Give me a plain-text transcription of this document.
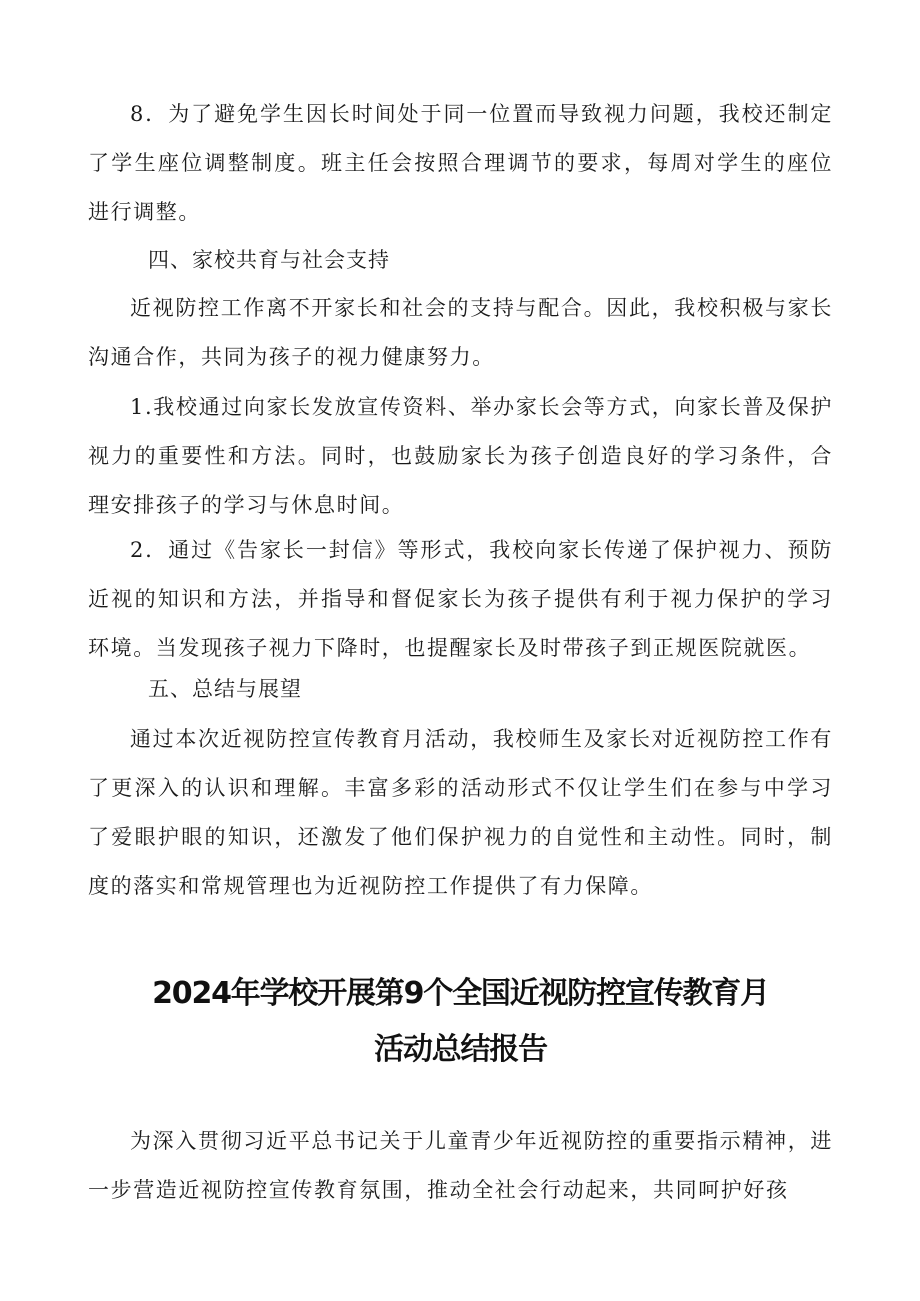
8．为了避免学生因长时间处于同一位置而导致视力问题，我校还制定了学生座位调整制度。班主任会按照合理调节的要求，每周对学生的座位进行调整。

四、家校共育与社会支持

近视防控工作离不开家长和社会的支持与配合。因此，我校积极与家长沟通合作，共同为孩子的视力健康努力。

1.我校通过向家长发放宣传资料、举办家长会等方式，向家长普及保护视力的重要性和方法。同时，也鼓励家长为孩子创造良好的学习条件，合理安排孩子的学习与休息时间。

2．通过《告家长一封信》等形式，我校向家长传递了保护视力、预防近视的知识和方法，并指导和督促家长为孩子提供有利于视力保护的学习环境。当发现孩子视力下降时，也提醒家长及时带孩子到正规医院就医。

五、总结与展望

通过本次近视防控宣传教育月活动，我校师生及家长对近视防控工作有了更深入的认识和理解。丰富多彩的活动形式不仅让学生们在参与中学习了爱眼护眼的知识，还激发了他们保护视力的自觉性和主动性。同时，制度的落实和常规管理也为近视防控工作提供了有力保障。

2024年学校开展第9个全国近视防控宣传教育月
活动总结报告

为深入贯彻习近平总书记关于儿童青少年近视防控的重要指示精神，进一步营造近视防控宣传教育氛围，推动全社会行动起来，共同呵护好孩
